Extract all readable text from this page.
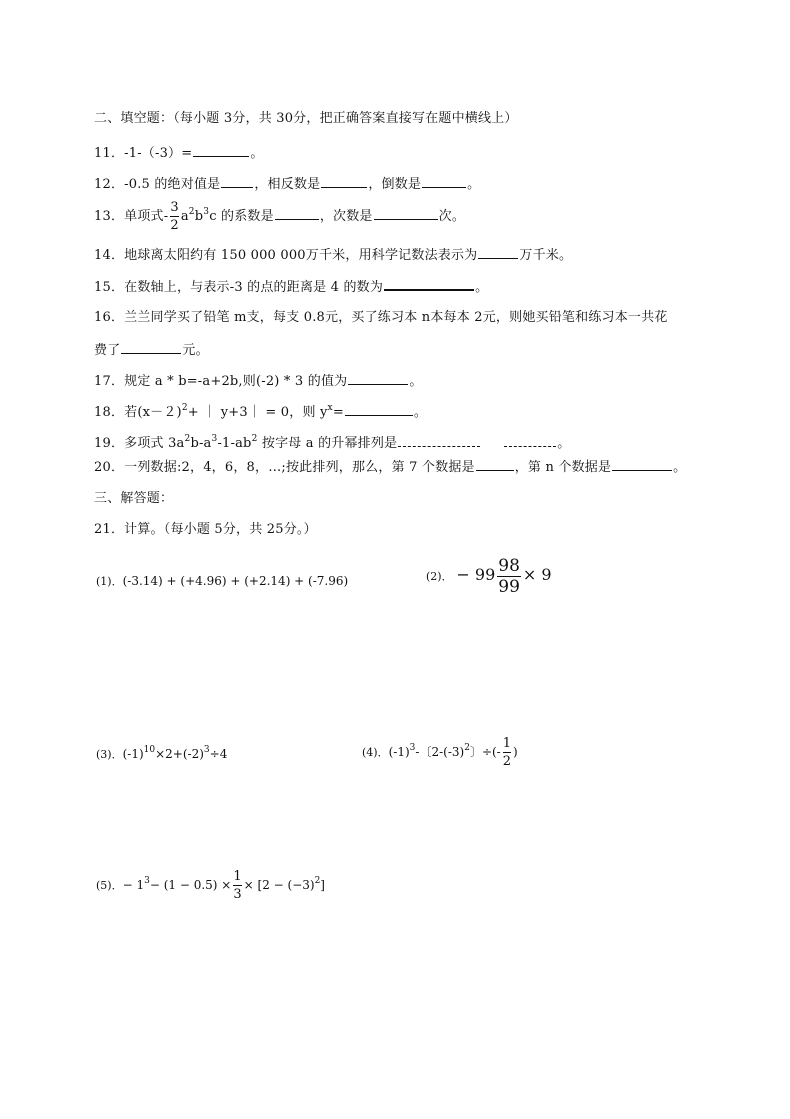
二、填空题：（每小题 3分，共 30分，把正确答案直接写在题中横线上）
11．-1-（-3）=	。
12．-0.5 的绝对值是	，相反数是	，倒数是	。
13．单项式- $\frac{3}{2} a^2b^3c$ 的系数是	，次数是	次。
14．地球离太阳约有 150 000 000万千米，用科学记数法表示为	万千米。
15．在数轴上，与表示-3 的点的距离是 4 的数为	。
16．兰兰同学买了铅笔 m支，每支 0.8元，买了练习本 n本每本 2元，则她买铅笔和练习本一共花
费了	元。
17．规定 a * b=-a+2b,则(-2) * 3 的值为	。
18．若$(x-2)^2+$ ｜ y+3｜ = 0，则 $y^x=$	。
19．多项式 $3a^2b-a^3-1-ab^2$ 按字母 a 的升幂排列是	。
20．一列数据:2，4，6，8，…;按此排列，那么，第 7 个数据是	，第 n 个数据是	。
三、解答题：
21．计算。（每小题 5分，共 25分。）
(1)．(-3.14) + (+4.96) + (+2.14) + (-7.96)	(2)． − $99 \frac{98}{99} \times 9$
(3)．$(-1)^{10}\times 2+(-2)^3\div 4$	(4)．$(-1)^3-$〔$2-(-3)^2$〕÷(- $\frac{1}{2}$ )
(5)．− $1^3- (1 - 0.5) \times \frac{1}{3} \times [2 - (-3)^2]$
